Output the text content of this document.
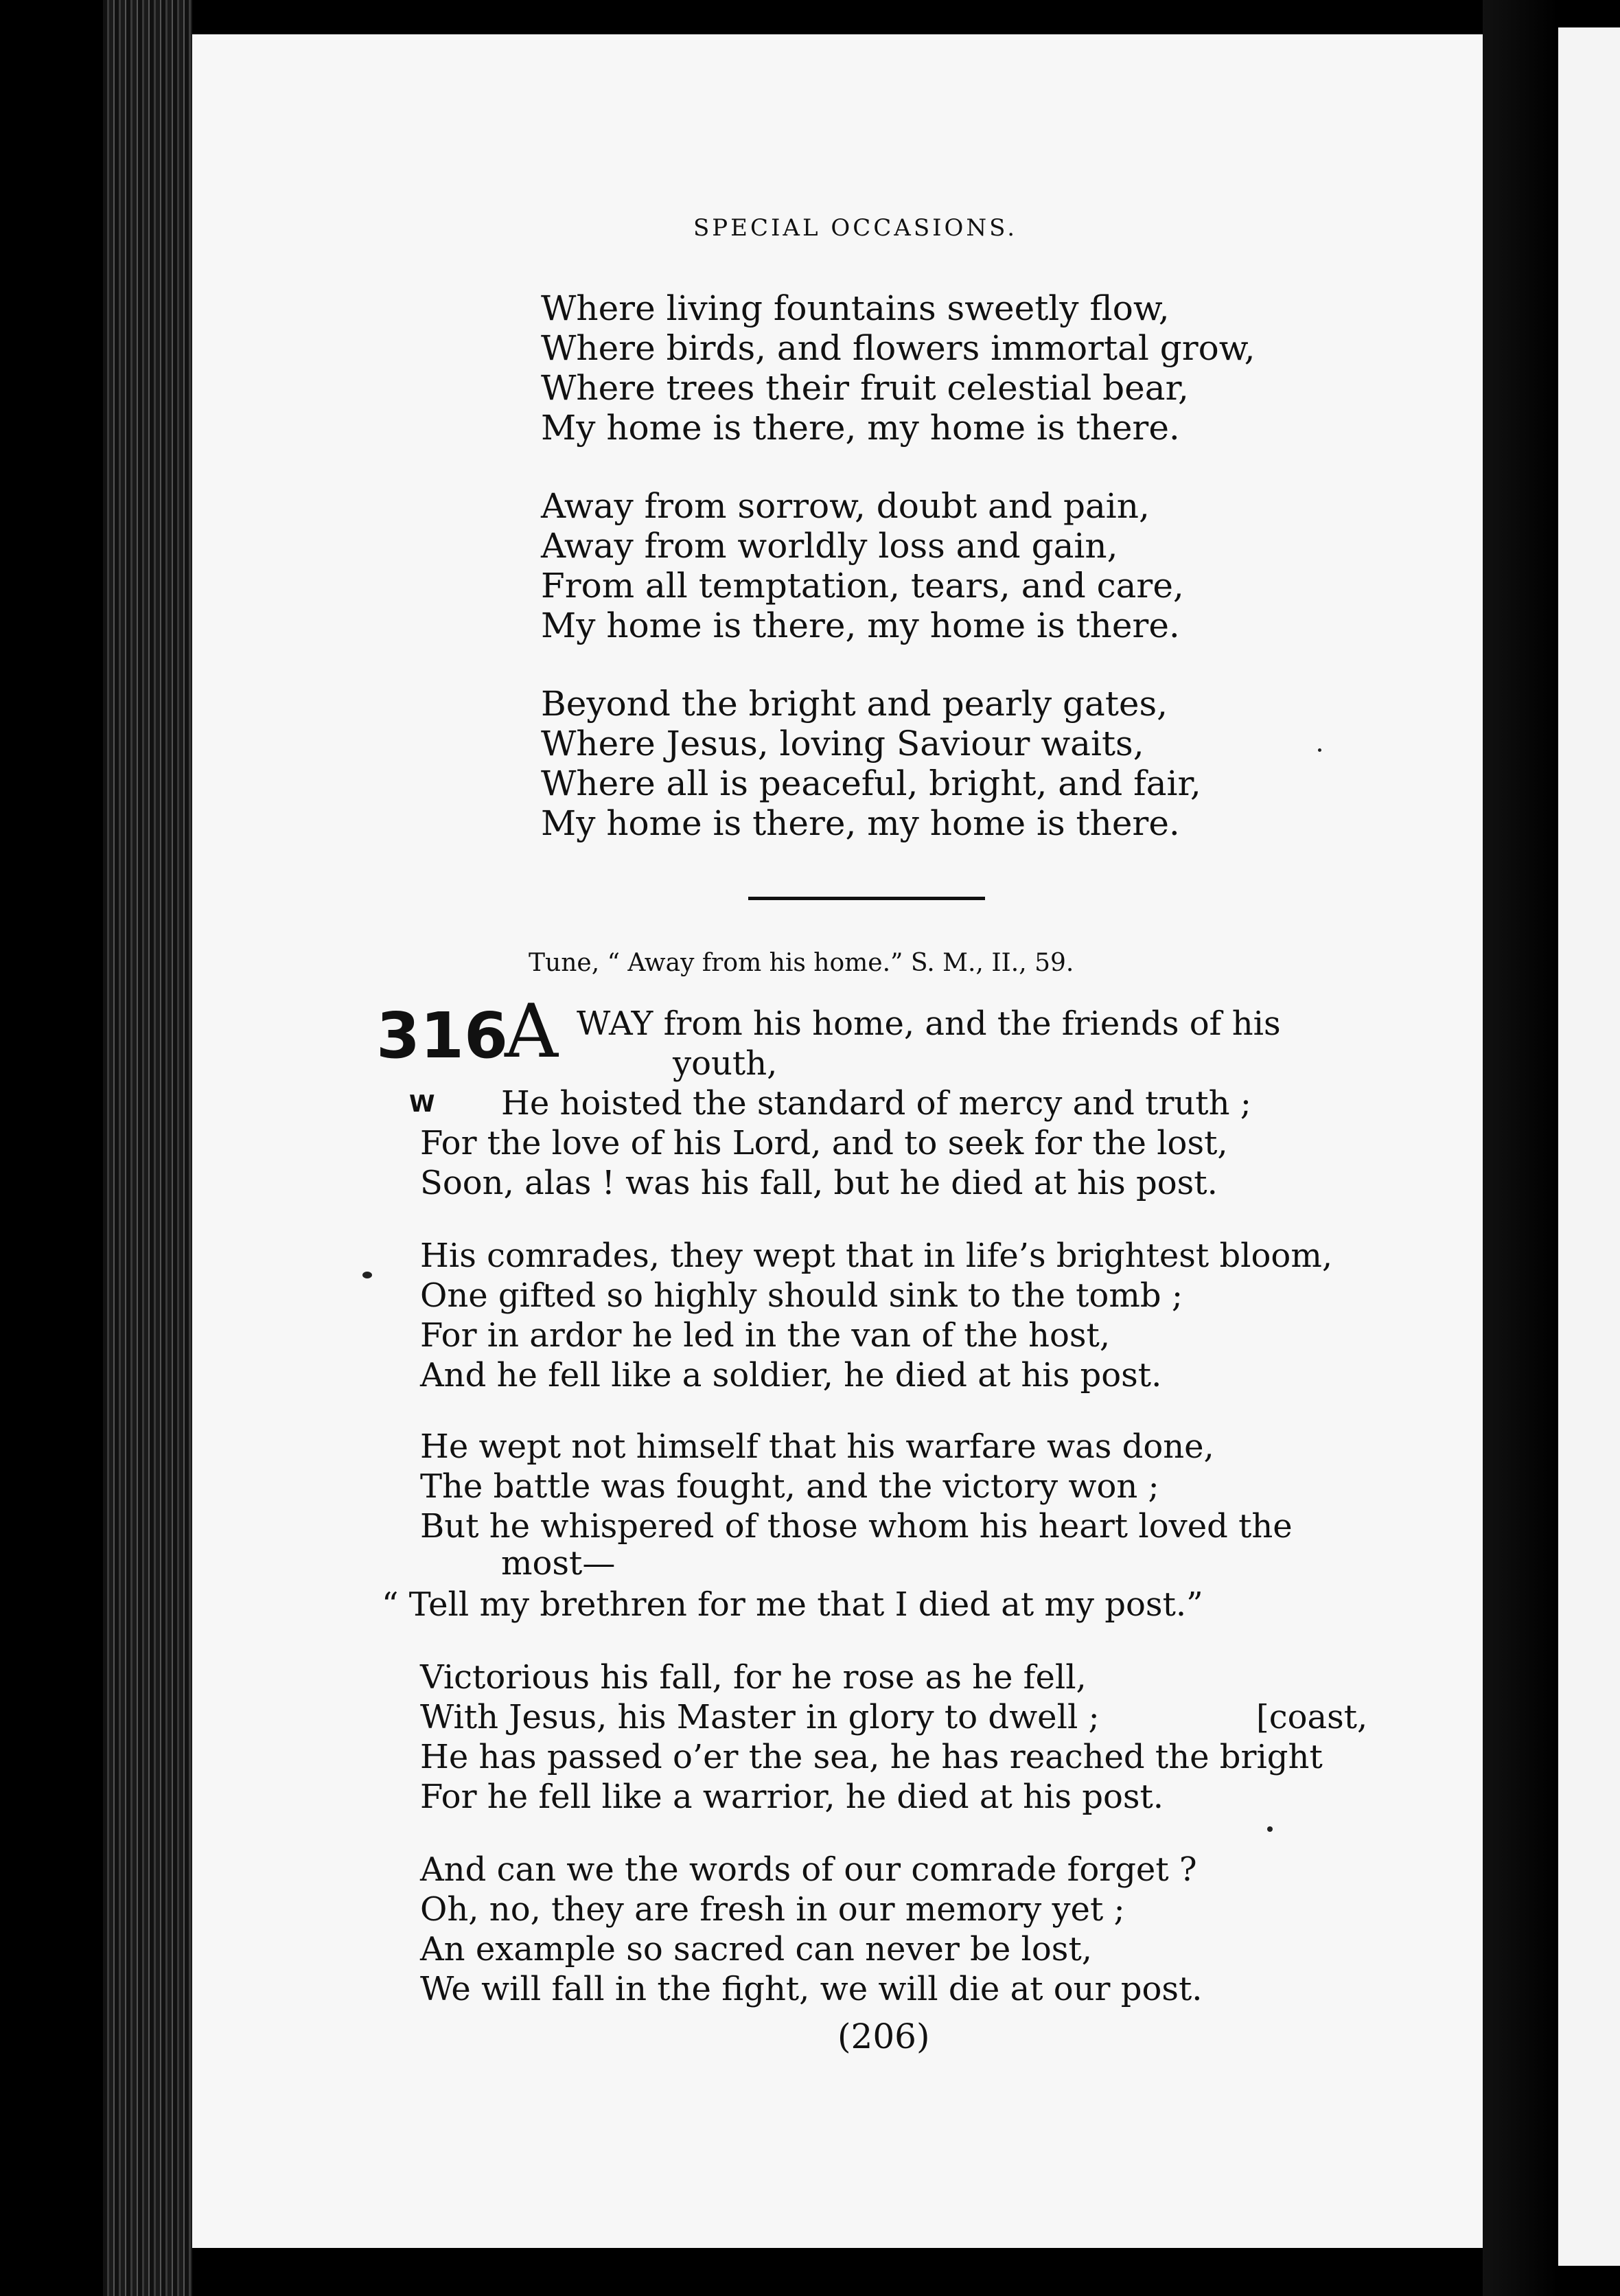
SPECIAL OCCASIONS.
Where living fountains sweetly flow,
Where birds, and flowers immortal grow,
Where trees their fruit celestial bear,
My home is there, my home is there.
Away from sorrow, doubt and pain,
Away from worldly loss and gain,
From all temptation, tears, and care,
My home is there, my home is there.
Beyond the bright and pearly gates,
Where Jesus, loving Saviour waits,
Where all is peaceful, bright, and fair,
My home is there, my home is there.
Tune, “ Away from his home.” S. M., II., 59.
316
A
W
WAY from his home, and the friends of his
youth,
He hoisted the standard of mercy and truth ;
For the love of his Lord, and to seek for the lost,
Soon, alas ! was his fall, but he died at his post.
His comrades, they wept that in life’s brightest bloom,
One gifted so highly should sink to the tomb ;
For in ardor he led in the van of the host,
And he fell like a soldier, he died at his post.
He wept not himself that his warfare was done,
The battle was fought, and the victory won ;
But he whispered of those whom his heart loved the
most—
“ Tell my brethren for me that I died at my post.”
Victorious his fall, for he rose as he fell,
With Jesus, his Master in glory to dwell ;	[coast,
He has passed o’er the sea, he has reached the bright
For he fell like a warrior, he died at his post.
And can we the words of our comrade forget ?
Oh, no, they are fresh in our memory yet ;
An example so sacred can never be lost,
We will fall in the fight, we will die at our post.
(206)
